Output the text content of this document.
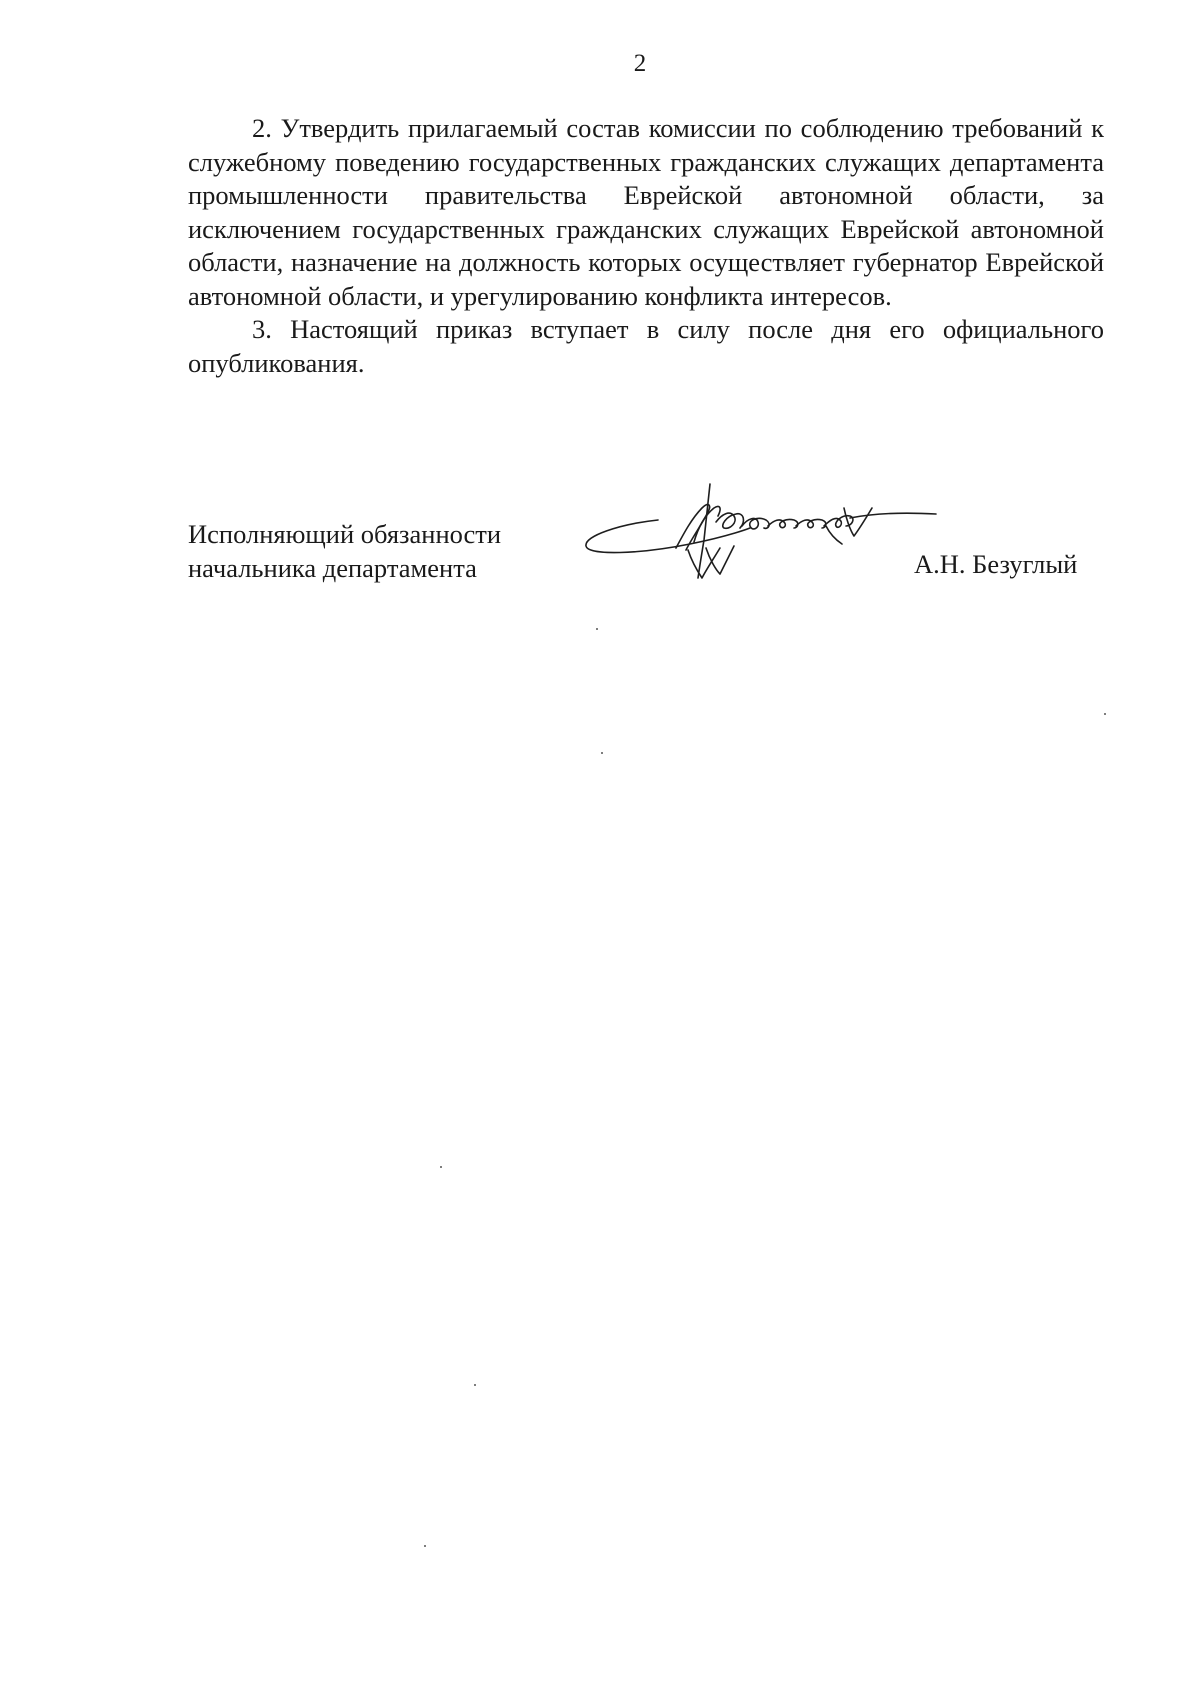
2

2. Утвердить прилагаемый состав комиссии по соблюдению требований к служебному поведению государственных гражданских служащих департамента промышленности правительства Еврейской автономной области, за исключением государственных гражданских служащих Еврейской автономной области, назначение на должность которых осуществляет губернатор Еврейской автономной области, и урегулированию конфликта интересов.

3. Настоящий приказ вступает в силу после дня его официального опубликования.

Исполняющий обязанности
начальника департамента	А.Н. Безуглый
